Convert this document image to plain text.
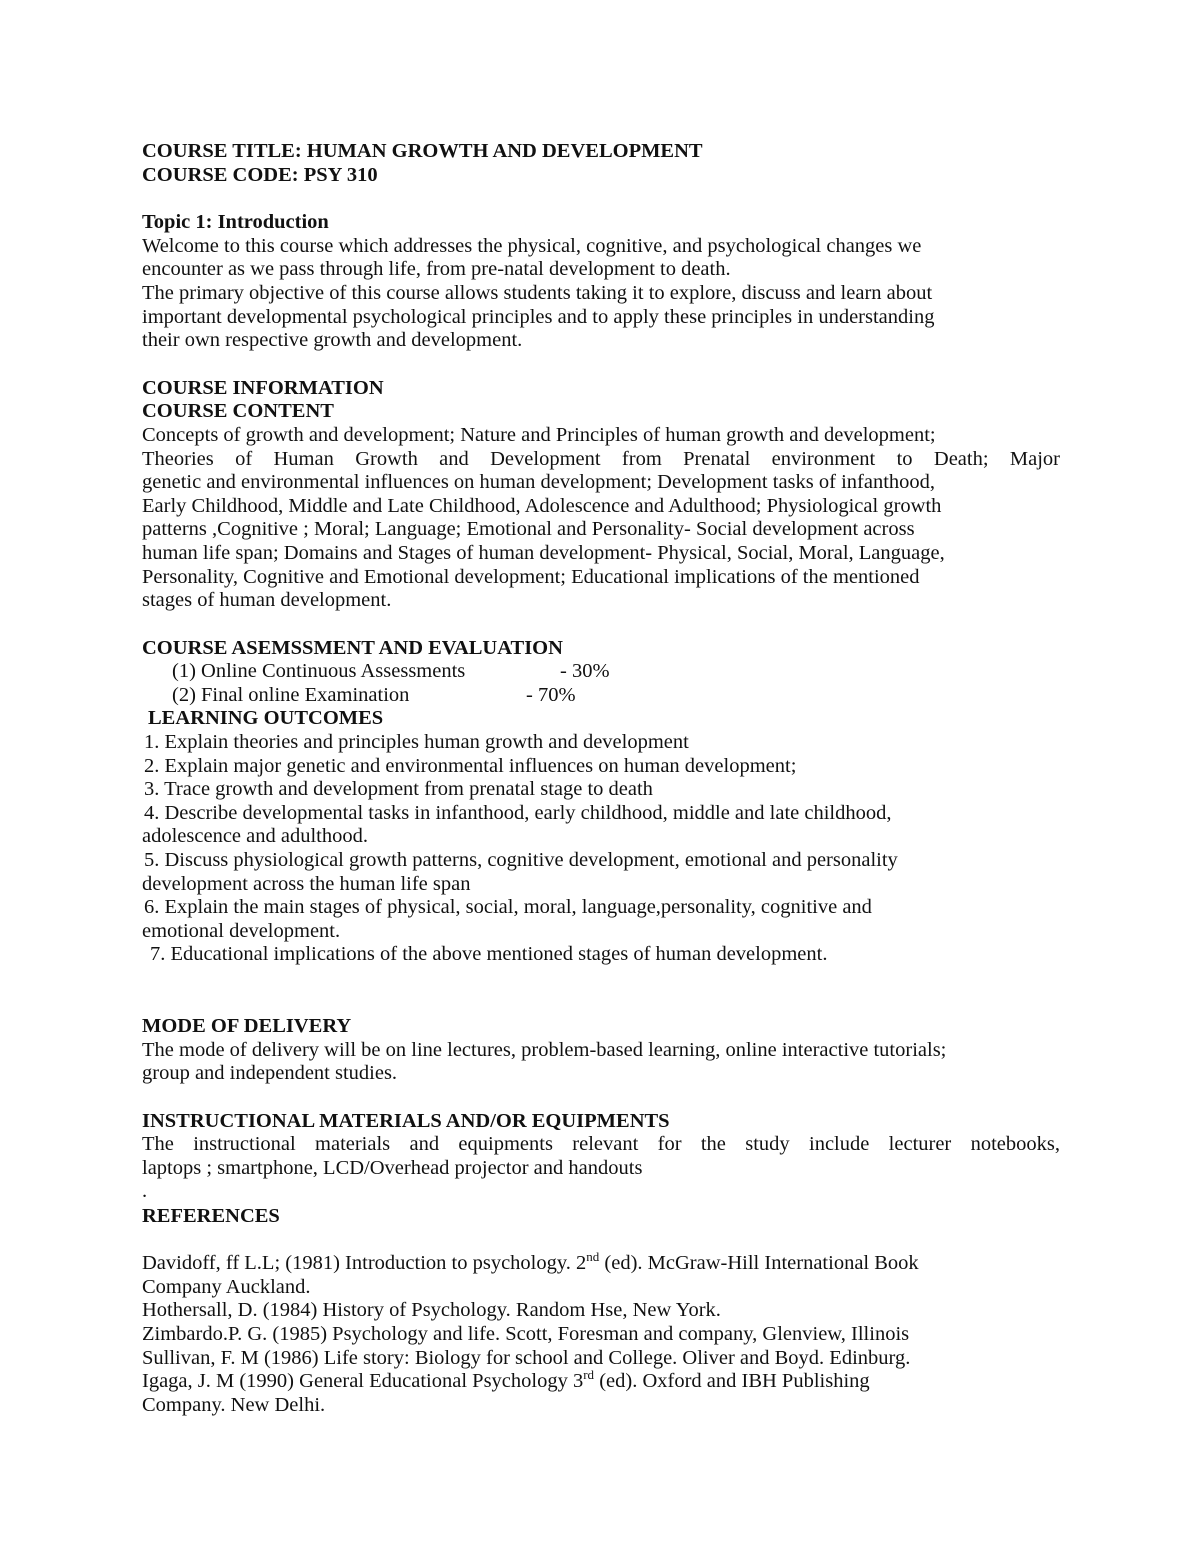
COURSE TITLE: HUMAN GROWTH AND DEVELOPMENT
COURSE CODE: PSY 310
Topic 1: Introduction
Welcome to this course which addresses the physical, cognitive, and psychological changes we
encounter as we pass through life, from pre-natal development to death.
The primary objective of this course allows students taking it to explore, discuss and learn about
important developmental psychological principles and to apply these principles in understanding
their own respective growth and development.
COURSE INFORMATION
COURSE CONTENT
Concepts of growth and development; Nature and Principles of human growth and development;
Theories of Human Growth and Development from Prenatal environment to Death; Major
genetic and environmental influences on human development; Development tasks of infanthood,
Early Childhood, Middle and Late Childhood, Adolescence and Adulthood; Physiological growth
patterns ,Cognitive ; Moral; Language; Emotional and Personality- Social development across
human life span; Domains and Stages of human development- Physical, Social, Moral, Language,
Personality, Cognitive and Emotional development; Educational implications of the mentioned
stages of human development.
COURSE ASEMSSMENT AND EVALUATION
(1) Online Continuous Assessments	- 30%
(2) Final online Examination	- 70%
LEARNING OUTCOMES
1. Explain theories and principles human growth and development
2. Explain major genetic and environmental influences on human development;
3. Trace growth and development from prenatal stage to death
4. Describe developmental tasks in infanthood, early childhood, middle and late childhood,
adolescence and adulthood.
5. Discuss physiological growth patterns, cognitive development, emotional and personality
development across the human life span
6. Explain the main stages of physical, social, moral, language,personality, cognitive and
emotional development.
7. Educational implications of the above mentioned stages of human development.
MODE OF DELIVERY
The mode of delivery will be on line lectures, problem-based learning, online interactive tutorials;
group and independent studies.
INSTRUCTIONAL MATERIALS AND/OR EQUIPMENTS
The instructional materials and equipments relevant for the study include lecturer notebooks,
laptops ; smartphone, LCD/Overhead projector and handouts
.
REFERENCES
Davidoff, ff L.L; (1981) Introduction to psychology. 2nd (ed). McGraw-Hill International Book
Company Auckland.
Hothersall, D. (1984) History of Psychology. Random Hse, New York.
Zimbardo.P. G. (1985) Psychology and life. Scott, Foresman and company, Glenview, Illinois
Sullivan, F. M (1986) Life story: Biology for school and College. Oliver and Boyd. Edinburg.
Igaga, J. M (1990) General Educational Psychology 3rd (ed). Oxford and IBH Publishing
Company. New Delhi.
